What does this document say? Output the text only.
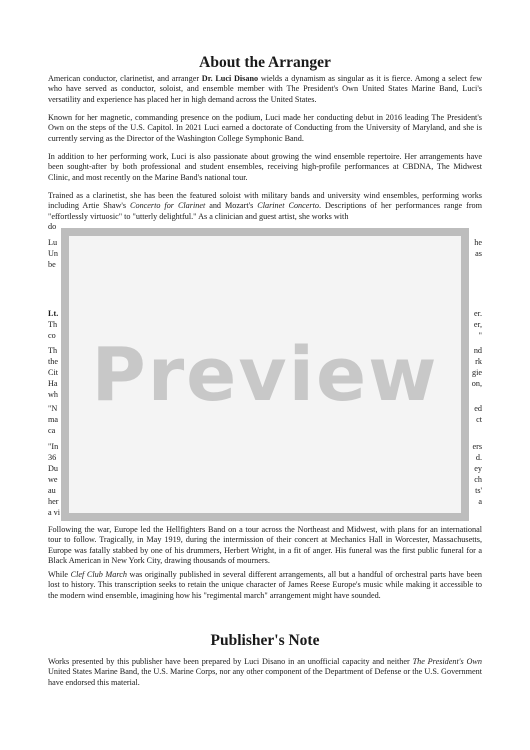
About the Arranger

American conductor, clarinetist, and arranger Dr. Luci Disano wields a dynamism as singular as it is fierce. Among a select few who have served as conductor, soloist, and ensemble member with The President's Own United States Marine Band, Luci's versatility and experience has placed her in high demand across the United States.

Known for her magnetic, commanding presence on the podium, Luci made her conducting debut in 2016 leading The President's Own on the steps of the U.S. Capitol. In 2021 Luci earned a doctorate of Conducting from the University of Maryland, and she is currently serving as the Director of the Washington College Symphonic Band.

In addition to her performing work, Luci is also passionate about growing the wind ensemble repertoire. Her arrangements have been sought-after by both professional and student ensembles, receiving high-profile performances at CBDNA, The Midwest Clinic, and most recently on the Marine Band's national tour.

Trained as a clarinetist, she has been the featured soloist with military bands and university wind ensembles, performing works including Artie Shaw's Concerto for Clarinet and Mozart's Clarinet Concerto. Descriptions of her performances range from "effortlessly virtuosic" to "utterly delightful." As a clinician and guest artist, she works with
do

Lu
Un
be
Lt.
Th
co
Th
the
Cit
Ha
wh
"N
ma
ca
"In
36
Du
we
au
her
a vi
he
as
er.
er,
"
nd
rk
gie
on,
ed
ct
ers
d.
ey
ch
ts'
a

Following the war, Europe led the Hellfighters Band on a tour across the Northeast and Midwest, with plans for an international tour to follow. Tragically, in May 1919, during the intermission of their concert at Mechanics Hall in Worcester, Massachusetts, Europe was fatally stabbed by one of his drummers, Herbert Wright, in a fit of anger. His funeral was the first public funeral for a Black American in New York City, drawing thousands of mourners.

While Clef Club March was originally published in several different arrangements, all but a handful of orchestral parts have been lost to history. This transcription seeks to retain the unique character of James Reese Europe's music while making it accessible to the modern wind ensemble, imagining how his "regimental march" arrangement might have sounded.

Publisher's Note

Works presented by this publisher have been prepared by Luci Disano in an unofficial capacity and neither The President's Own United States Marine Band, the U.S. Marine Corps, nor any other component of the Department of Defense or the U.S. Government have endorsed this material.

Preview
